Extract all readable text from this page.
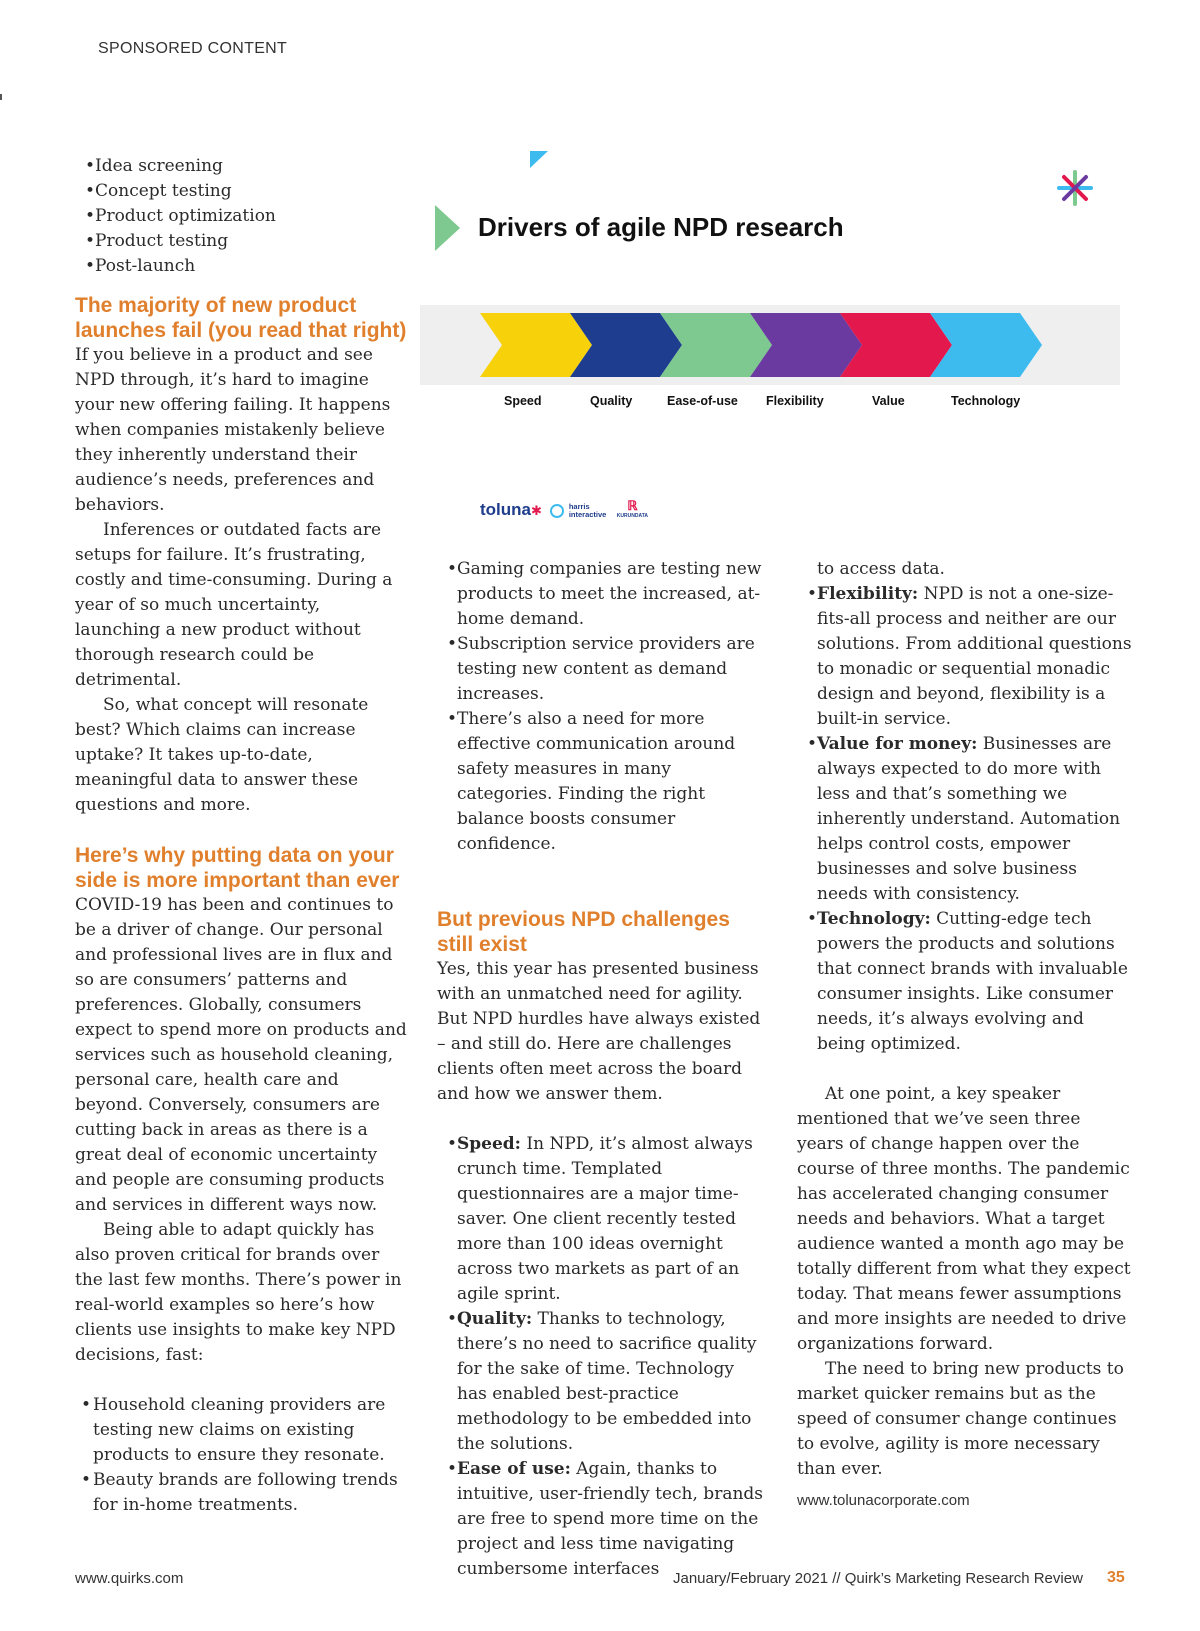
SPONSORED CONTENT
• Idea screening
• Concept testing
• Product optimization
• Product testing
• Post-launch
The majority of new product launches fail (you read that right)

If you believe in a product and see NPD through, it’s hard to imagine your new offering failing. It happens when companies mistakenly believe they inherently understand their audience’s needs, preferences and behaviors.

Inferences or outdated facts are setups for failure. It’s frustrating, costly and time-consuming. During a year of so much uncertainty, launching a new product without thorough research could be detrimental.

So, what concept will resonate best? Which claims can increase uptake? It takes up-to-date, meaningful data to answer these questions and more.

Here’s why putting data on your side is more important than ever

COVID-19 has been and continues to be a driver of change. Our personal and professional lives are in flux and so are consumers’ patterns and preferences. Globally, consumers expect to spend more on products and services such as household cleaning, personal care, health care and beyond. Conversely, consumers are cutting back in areas as there is a great deal of economic uncertainty and people are consuming products and services in different ways now.

Being able to adapt quickly has also proven critical for brands over the last few months. There’s power in real-world examples so here’s how clients use insights to make key NPD decisions, fast:

• Household cleaning providers are testing new claims on existing products to ensure they resonate.
• Beauty brands are following trends for in-home treatments.
Drivers of agile NPD research
Speed	Quality	Ease-of-use Flexibility	Value	Technology
toluna✱	harris
interactive ℝ
KURUNDATA
• Gaming companies are testing new products to meet the increased, at-home demand.
• Subscription service providers are testing new content as demand increases.
• There’s also a need for more effective communication around safety measures in many categories. Finding the right balance boosts consumer confidence.
But previous NPD challenges still exist

Yes, this year has presented business with an unmatched need for agility. But NPD hurdles have always existed – and still do. Here are challenges clients often meet across the board and how we answer them.

• Speed: In NPD, it’s almost always crunch time. Templated questionnaires are a major time-saver. One client recently tested more than 100 ideas overnight across two markets as part of an agile sprint.
• Quality: Thanks to technology, there’s no need to sacrifice quality for the sake of time. Technology has enabled best-practice methodology to be embedded into the solutions.
• Ease of use: Again, thanks to intuitive, user-friendly tech, brands are free to spend more time on the project and less time navigating cumbersome interfaces

to access data.

• Flexibility: NPD is not a one-size-fits-all process and neither are our solutions. From additional questions to monadic or sequential monadic design and beyond, flexibility is a built-in service.
• Value for money: Businesses are always expected to do more with less and that’s something we inherently understand. Automation helps control costs, empower businesses and solve business needs with consistency.
• Technology: Cutting-edge tech powers the products and solutions that connect brands with invaluable consumer insights. Like consumer needs, it’s always evolving and being optimized.

At one point, a key speaker mentioned that we’ve seen three years of change happen over the course of three months. The pandemic has accelerated changing consumer needs and behaviors. What a target audience wanted a month ago may be totally different from what they expect today. That means fewer assumptions and more insights are needed to drive organizations forward.

The need to bring new products to market quicker remains but as the speed of consumer change continues to evolve, agility is more necessary than ever.

www.tolunacorporate.com

www.quirks.com	January/February 2021 // Quirk’s Marketing Research Review 35
